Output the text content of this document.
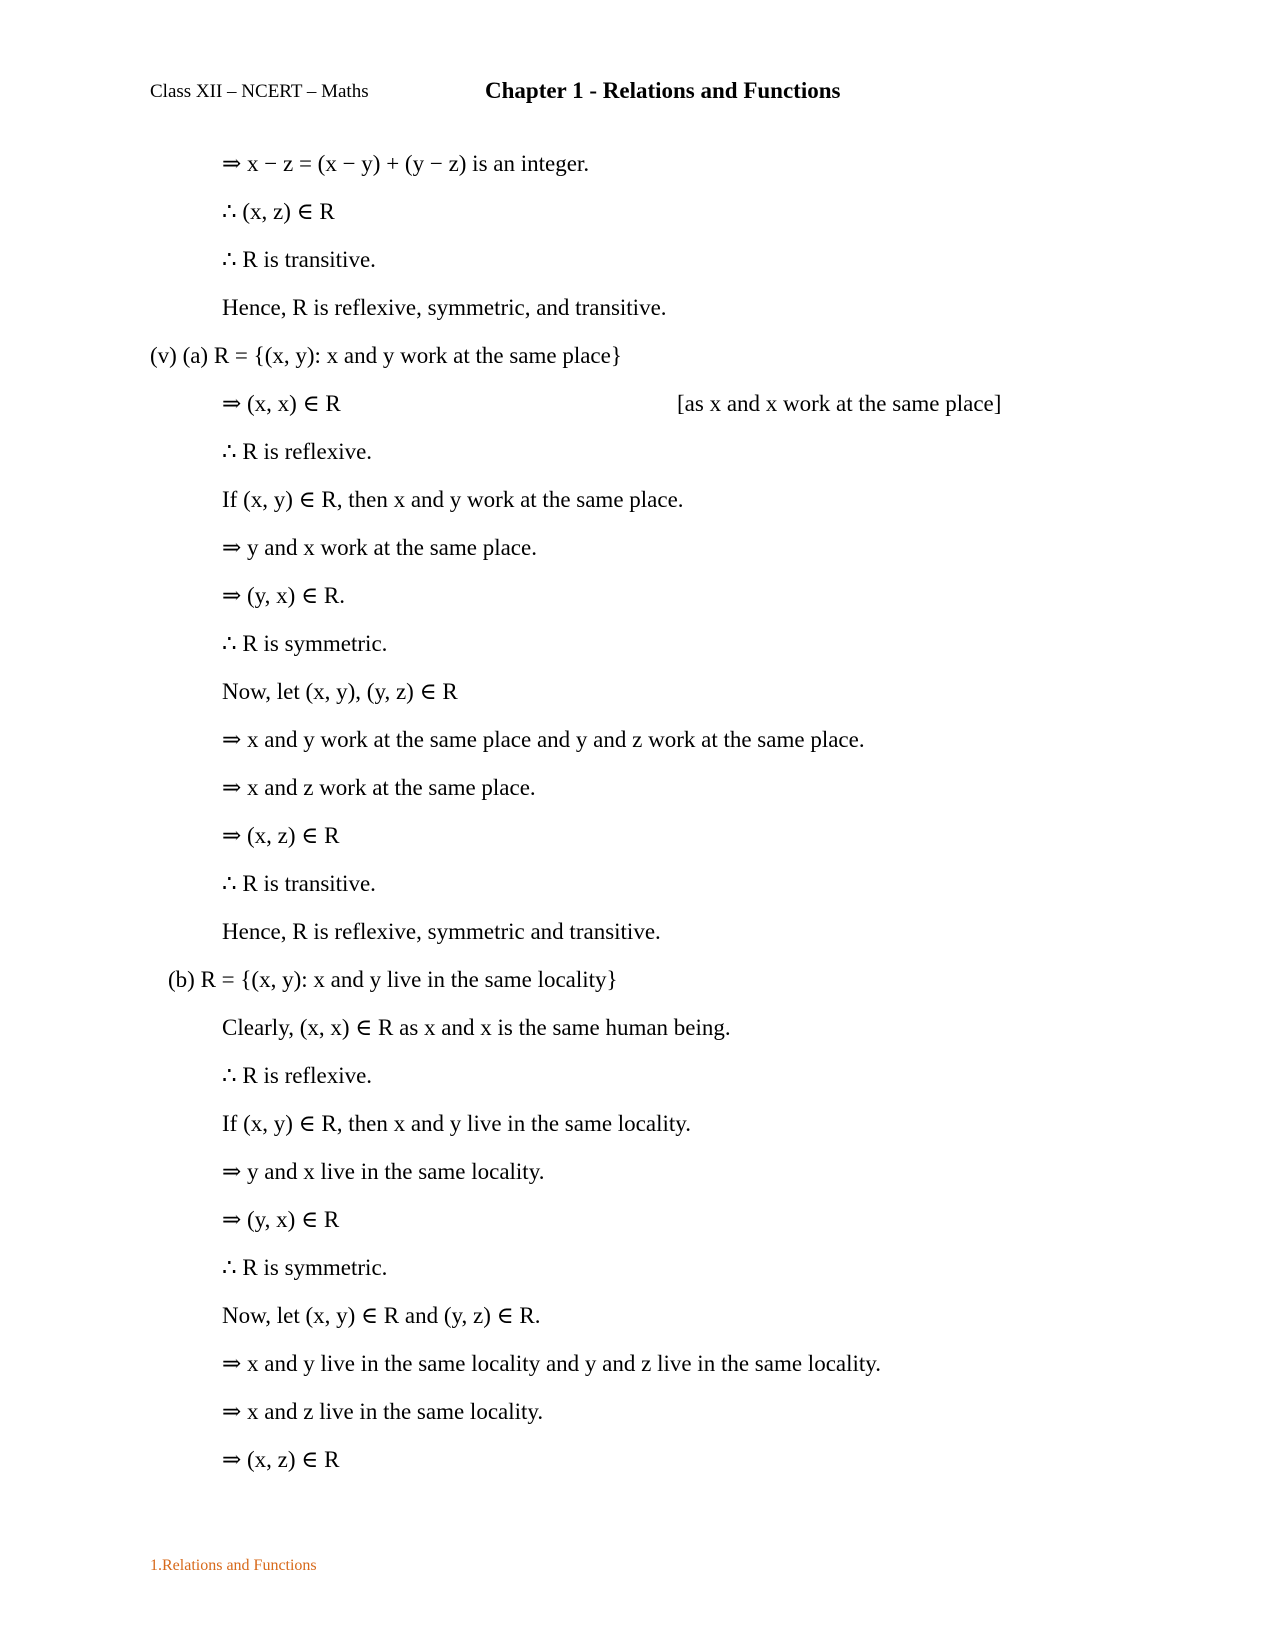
Class XII – NCERT – Maths	Chapter 1 - Relations and Functions
⇒ x − z = (x − y) + (y − z) is an integer.
∴ (x, z) ∈ R
∴ R is transitive.
Hence, R is reflexive, symmetric, and transitive.
(v) (a) R = {(x, y): x and y work at the same place}
⇒ (x, x) ∈ R	[as x and x work at the same place]
∴ R is reflexive.
If (x, y) ∈ R, then x and y work at the same place.
⇒ y and x work at the same place.
⇒ (y, x) ∈ R.
∴ R is symmetric.
Now, let (x, y), (y, z) ∈ R
⇒ x and y work at the same place and y and z work at the same place.
⇒ x and z work at the same place.
⇒ (x, z) ∈ R
∴ R is transitive.
Hence, R is reflexive, symmetric and transitive.
(b) R = {(x, y): x and y live in the same locality}
Clearly, (x, x) ∈ R as x and x is the same human being.
∴ R is reflexive.
If (x, y) ∈ R, then x and y live in the same locality.
⇒ y and x live in the same locality.
⇒ (y, x) ∈ R
∴ R is symmetric.
Now, let (x, y) ∈ R and (y, z) ∈ R.
⇒ x and y live in the same locality and y and z live in the same locality.
⇒ x and z live in the same locality.
⇒ (x, z) ∈ R
1.Relations and Functions
